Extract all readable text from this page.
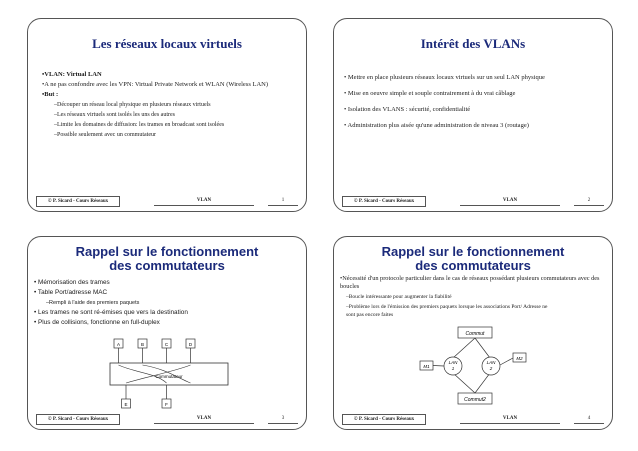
Les réseaux locaux virtuels
•VLAN: Virtual LAN
•A ne pas confondre avec les VPN: Virtual Private Network et WLAN (Wireless LAN)
•But :
–Découper un réseau local physique en plusieurs réseaux virtuels
–Les réseaux virtuels sont isolés les uns des autres
–Limite les domaines de diffusion: les trames en broadcast sont isolées
–Possible seulement avec un commutateur
© P. Sicard - Cours Réseaux	VLAN	1
Intérêt des VLANs
• Mettre en place plusieurs réseaux locaux virtuels sur un seul LAN physique
• Mise en oeuvre simple et souple contrairement à du vrai câblage
• Isolation des VLANS : sécurité, confidentialité
• Administration plus aisée qu'une administration de niveau 3 (routage)
© P. Sicard - Cours Réseaux	VLAN	2
Rappel sur le fonctionnement
des commutateurs
• Mémorisation des trames
• Table Port/adresse MAC
–Rempli à l'aide des premiers paquets
• Les trames ne sont ré-émises que vers la destination
• Plus de collisions, fonctionne en full-duplex
Commutateur
A	B	C	D
E	F
© P. Sicard - Cours Réseaux	VLAN	3
Rappel sur le fonctionnement
des commutateurs
•Nécessité d'un protocole particulier dans le cas de réseaux possédant plusieurs commutateurs avec des boucles
–Boucle intéressante pour augmenter la fiabilité
–Problème lors de l'émission des premiers paquets lorsque les associations Port/ Adresse ne sont pas encore faites
Commut
Commut2
LAN
1
LAN
2
M1
M2
© P. Sicard - Cours Réseaux	VLAN	4
